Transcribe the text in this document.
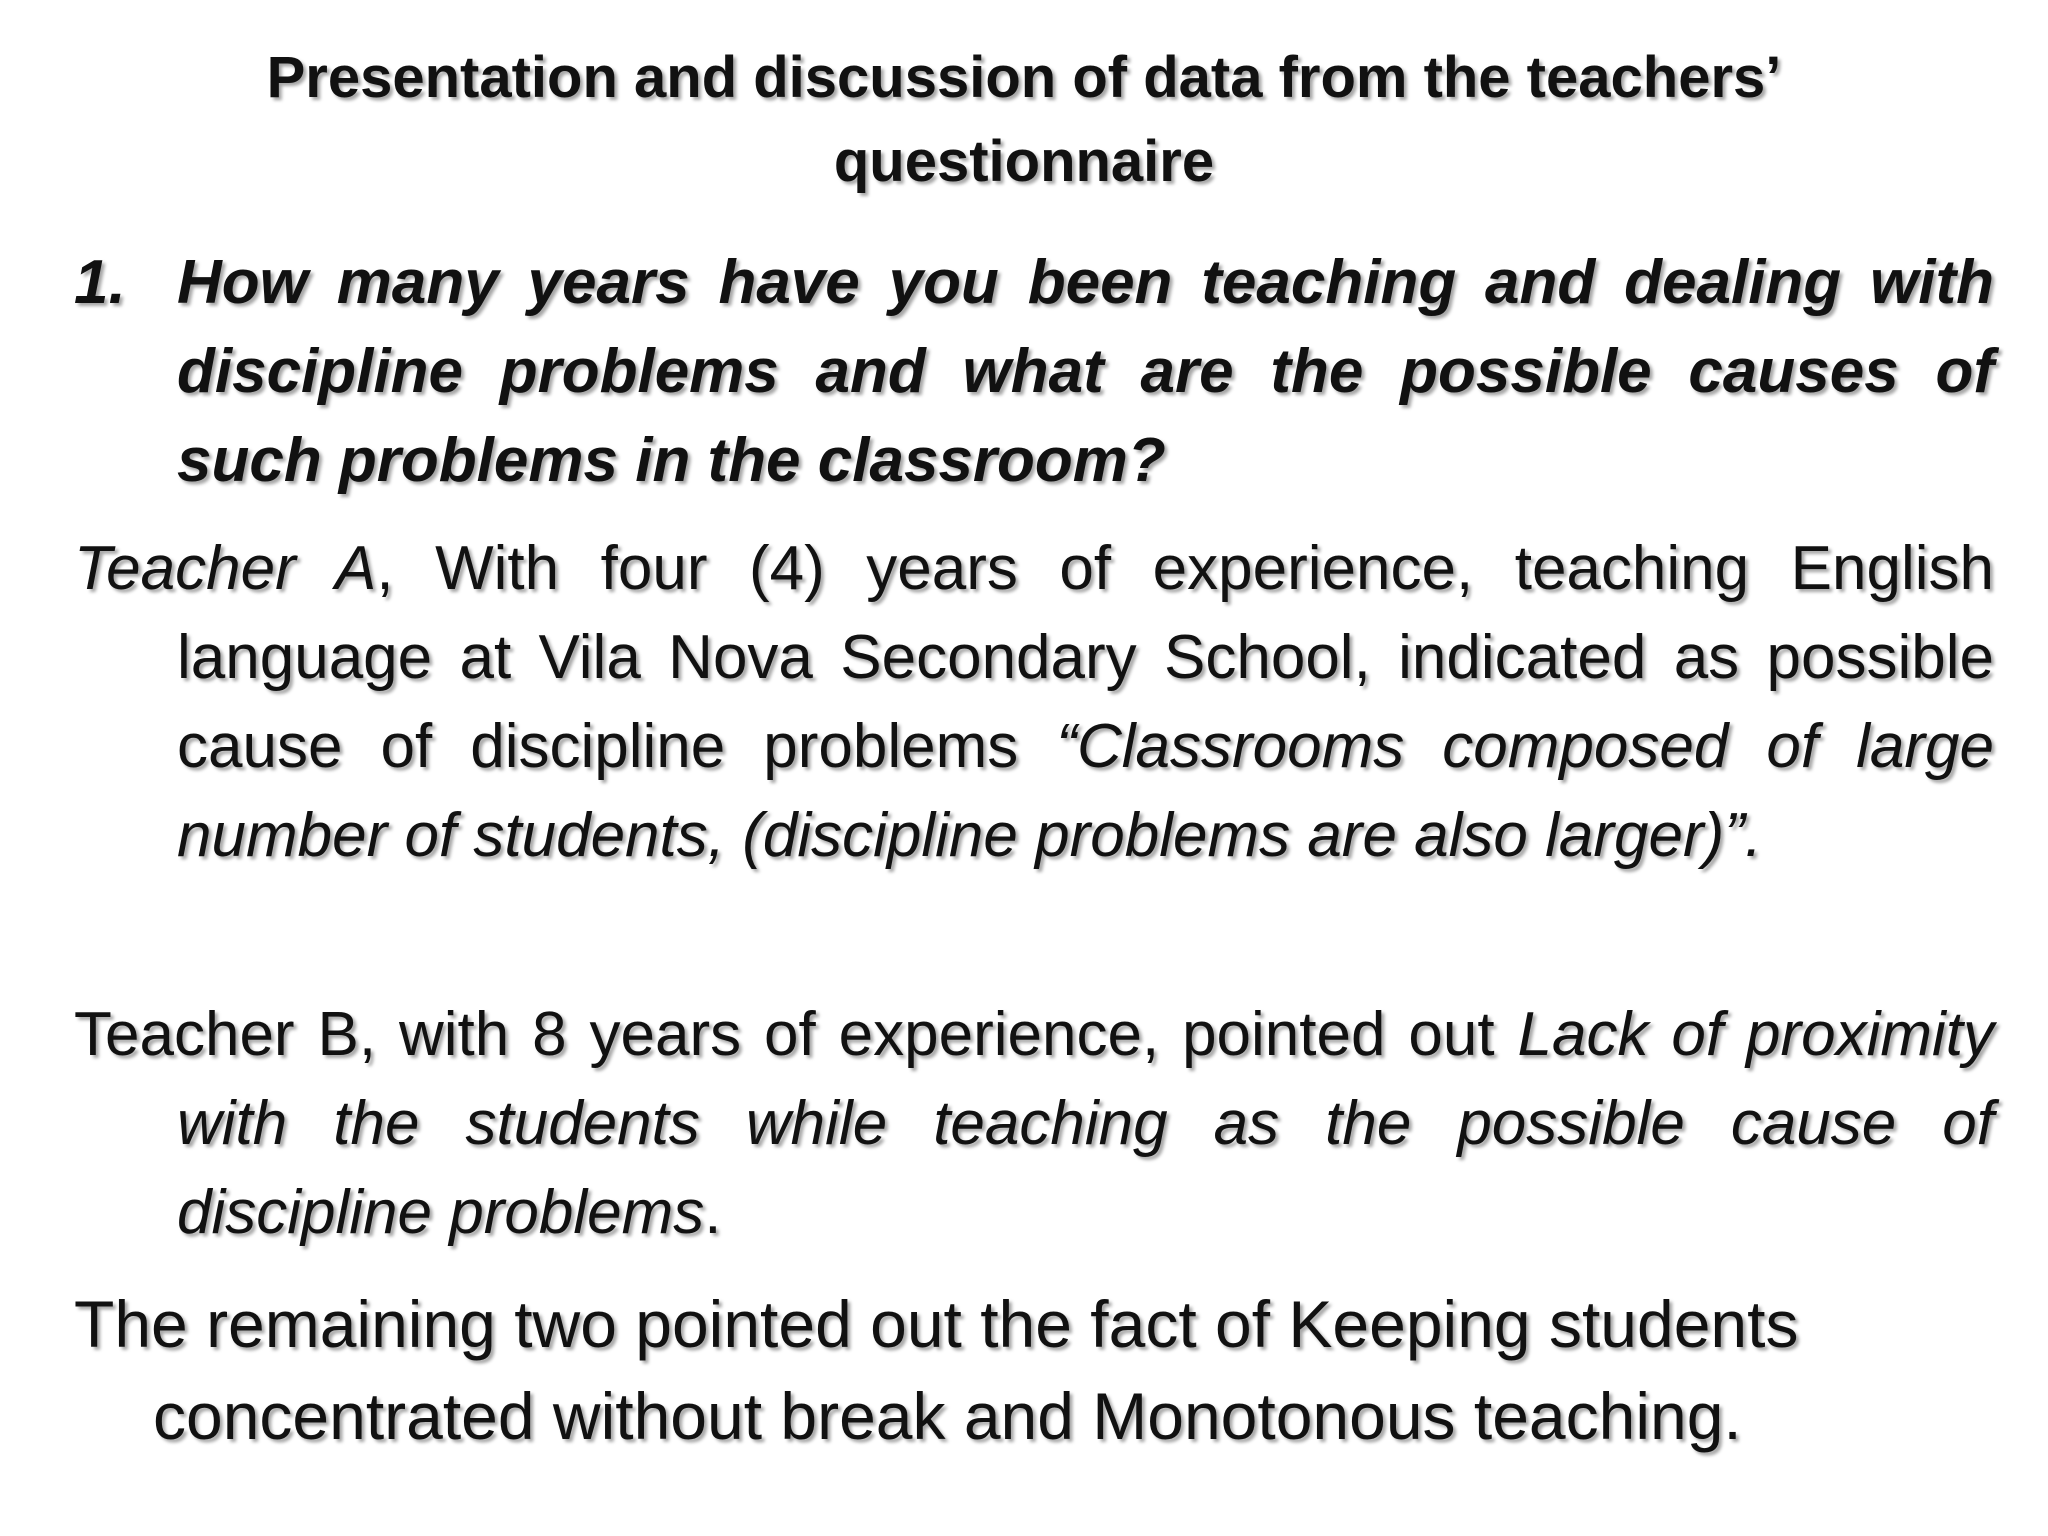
Presentation and discussion of data from the teachers’ questionnaire
1. How many years have you been teaching and dealing with discipline problems and what are the possible causes of such problems in the classroom?
Teacher A, With four (4) years of experience, teaching English language at Vila Nova Secondary School, indicated as possible cause of discipline problems “Classrooms composed of large number of students, (discipline problems are also larger)”.
Teacher B, with 8 years of experience, pointed out Lack of proximity with the students while teaching as the possible cause of discipline problems.
The remaining two pointed out the fact of Keeping students concentrated without break and Monotonous teaching.
